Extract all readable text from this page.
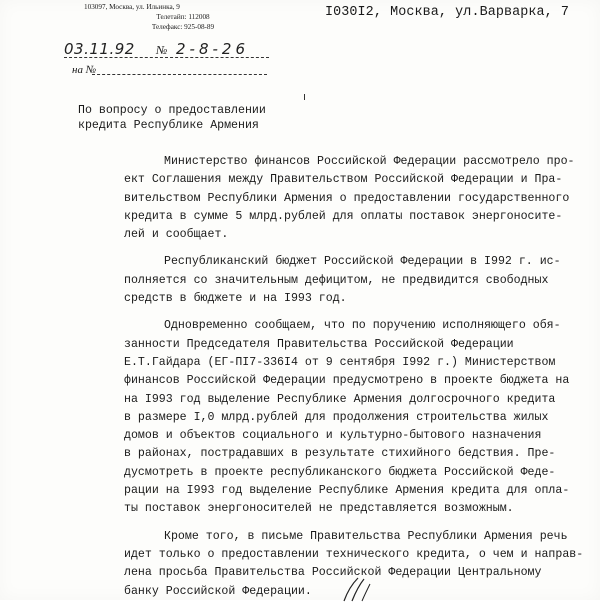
103097, Москва, ул. Ильинка, 9
Телетайп: 112008
Телефакс: 925-08-89
I030I2, Москва, ул.Варварка, 7
03.11.92 № 2-8-26
на №
По вопросу о предоставлении
кредита Республике Армения
Министерство финансов Российской Федерации рассмотрело про-
ект Соглашения между Правительством Российской Федерации и Пра-
вительством Республики Армения о предоставлении государственного
кредита в сумме 5 млрд.рублей для оплаты поставок энергоносите-
лей и сообщает.
Республиканский бюджет Российской Федерации в I992 г. ис-
полняется со значительным дефицитом, не предвидится свободных
средств в бюджете и на I993 год.
Одновременно сообщаем, что по поручению исполняющего обя-
занности Председателя Правительства Российской Федерации
Е.Т.Гайдара (ЕГ-ПI7-336I4 от 9 сентября I992 г.) Министерством
финансов Российской Федерации предусмотрено в проекте бюджета на
на I993 год выделение Республике Армения долгосрочного кредита
в размере I,0 млрд.рублей для продолжения строительства жилых
домов и объектов социального и культурно-бытового назначения
в районах, пострадавших в результате стихийного бедствия. Пре-
дусмотреть в проекте республиканского бюджета Российской Феде-
рации на I993 год выделение Республике Армения кредита для опла-
ты поставок энергоносителей не представляется возможным.
Кроме того, в письме Правительства Республики Армения речь
идет только о предоставлении технического кредита, о чем и направ-
лена просьба Правительства Российской Федерации Центральному
банку Российской Федерации.
